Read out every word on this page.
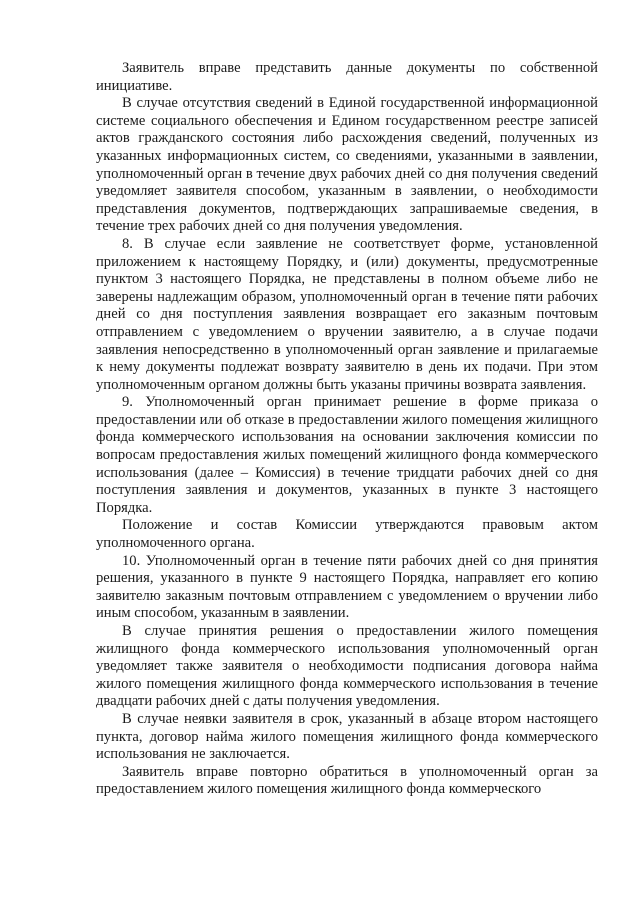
Заявитель вправе представить данные документы по собственной инициативе.

В случае отсутствия сведений в Единой государственной информационной системе социального обеспечения и Едином государственном реестре записей актов гражданского состояния либо расхождения сведений, полученных из указанных информационных систем, со сведениями, указанными в заявлении, уполномоченный орган в течение двух рабочих дней со дня получения сведений уведомляет заявителя способом, указанным в заявлении, о необходимости представления документов, подтверждающих запрашиваемые сведения, в течение трех рабочих дней со дня получения уведомления.

8. В случае если заявление не соответствует форме, установленной приложением к настоящему Порядку, и (или) документы, предусмотренные пунктом 3 настоящего Порядка, не представлены в полном объеме либо не заверены надлежащим образом, уполномоченный орган в течение пяти рабочих дней со дня поступления заявления возвращает его заказным почтовым отправлением с уведомлением о вручении заявителю, а в случае подачи заявления непосредственно в уполномоченный орган заявление и прилагаемые к нему документы подлежат возврату заявителю в день их подачи. При этом уполномоченным органом должны быть указаны причины возврата заявления.

9. Уполномоченный орган принимает решение в форме приказа о предоставлении или об отказе в предоставлении жилого помещения жилищного фонда коммерческого использования на основании заключения комиссии по вопросам предоставления жилых помещений жилищного фонда коммерческого использования (далее – Комиссия) в течение тридцати рабочих дней со дня поступления заявления и документов, указанных в пункте 3 настоящего Порядка.

Положение и состав Комиссии утверждаются правовым актом уполномоченного органа.

10. Уполномоченный орган в течение пяти рабочих дней со дня принятия решения, указанного в пункте 9 настоящего Порядка, направляет его копию заявителю заказным почтовым отправлением с уведомлением о вручении либо иным способом, указанным в заявлении.

В случае принятия решения о предоставлении жилого помещения жилищного фонда коммерческого использования уполномоченный орган уведомляет также заявителя о необходимости подписания договора найма жилого помещения жилищного фонда коммерческого использования в течение двадцати рабочих дней с даты получения уведомления.

В случае неявки заявителя в срок, указанный в абзаце втором настоящего пункта, договор найма жилого помещения жилищного фонда коммерческого использования не заключается.

Заявитель вправе повторно обратиться в уполномоченный орган за предоставлением жилого помещения жилищного фонда коммерческого
